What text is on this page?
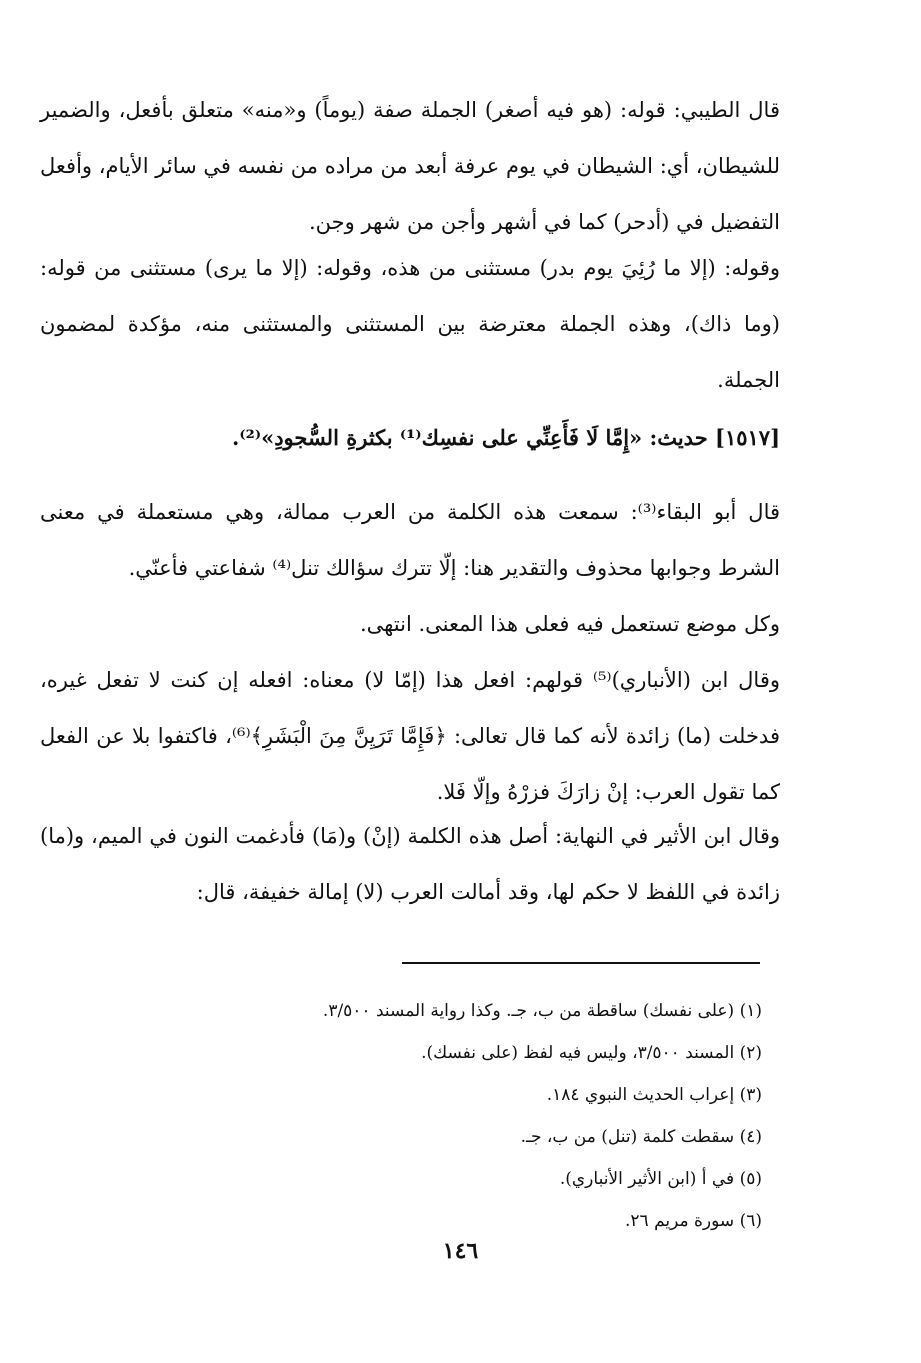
قال الطيبي: قوله: (هو فيه أصغر) الجملة صفة (يوماً) و«منه» متعلق بأفعل، والضمير للشيطان، أي: الشيطان في يوم عرفة أبعد من مراده من نفسه في سائر الأيام، وأفعل التفضيل في (أدحر) كما في أشهر وأجن من شهر وجن.

وقوله: (إلا ما رُئِيَ يوم بدر) مستثنى من هذه، وقوله: (إلا ما يرى) مستثنى من قوله: (وما ذاك)، وهذه الجملة معترضة بين المستثنى والمستثنى منه، مؤكدة لمضمون الجملة.

[١٥١٧] حديث: «إِمَّا لَا فَأَعِنِّي على نفسِك⁽¹⁾ بكثرةِ السُّجودِ»⁽²⁾.

قال أبو البقاء⁽³⁾: سمعت هذه الكلمة من العرب ممالة، وهي مستعملة في معنى الشرط وجوابها محذوف والتقدير هنا: إلّا تترك سؤالك تنل⁽⁴⁾ شفاعتي فأعنّي.

وكل موضع تستعمل فيه فعلى هذا المعنى. انتهى.

وقال ابن (الأنباري)⁽⁵⁾ قولهم: افعل هذا (إمّا لا) معناه: افعله إن كنت لا تفعل غيره، فدخلت (ما) زائدة لأنه كما قال تعالى: ﴿فَإِمَّا تَرَيِنَّ مِنَ الْبَشَرِ﴾⁽⁶⁾، فاكتفوا بلا عن الفعل كما تقول العرب: إنْ زارَكَ فزرْهُ وإلّا فَلا.

وقال ابن الأثير في النهاية: أصل هذه الكلمة (إنْ) و(مَا) فأدغمت النون في الميم، و(ما) زائدة في اللفظ لا حكم لها، وقد أمالت العرب (لا) إمالة خفيفة، قال:

(١) (على نفسك) ساقطة من ب، جـ. وكذا رواية المسند ٣/٥٠٠.

(٢) المسند ٣/٥٠٠، وليس فيه لفظ (على نفسك).

(٣) إعراب الحديث النبوي ١٨٤.

(٤) سقطت كلمة (تنل) من ب، جـ.

(٥) في أ (ابن الأثير الأنباري).

(٦) سورة مريم ٢٦.

١٤٦
